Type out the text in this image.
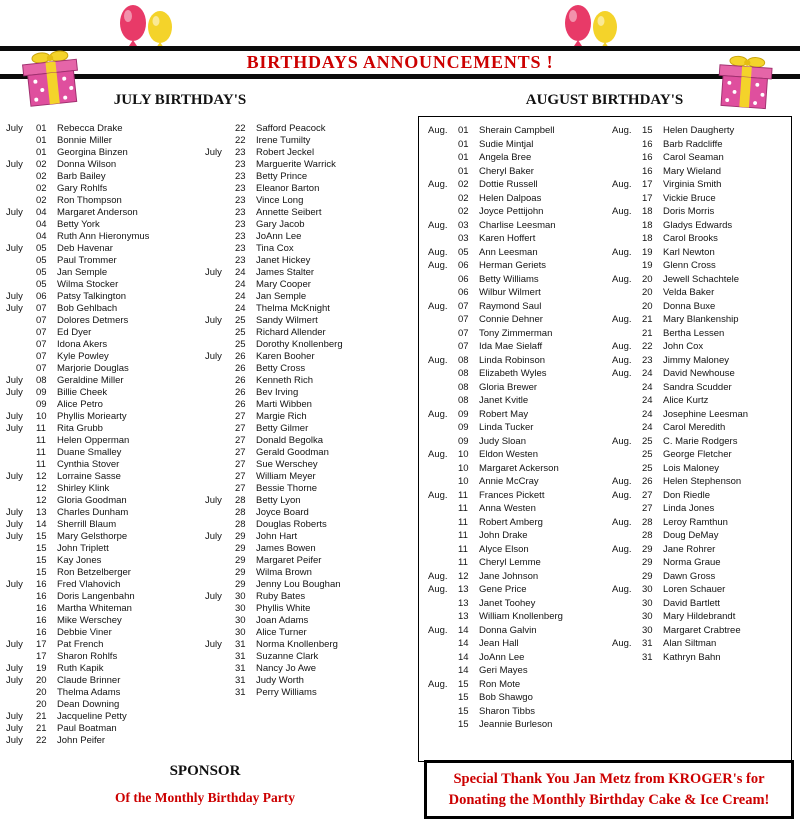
BIRTHDAYS ANNOUNCEMENTS !
JULY BIRTHDAY'S	AUGUST BIRTHDAY'S
July	01	Rebecca Drake
01	Bonnie Miller
01	Georgina Binzen
July	02	Donna Wilson
02	Barb Bailey
02	Gary Rohlfs
02	Ron Thompson
July	04	Margaret Anderson
04	Betty York
04	Ruth Ann Hieronymus
July	05	Deb Havenar
05	Paul Trommer
05	Jan Semple
05	Wilma Stocker
July	06	Patsy Talkington
July	07	Bob Gehlbach
07	Dolores Detmers
07	Ed Dyer
07	Idona Akers
07	Kyle Powley
07	Marjorie Douglas
July	08	Geraldine Miller
July	09	Billie Cheek
09	Alice Petro
July	10	Phyllis Moriearty
July	11	Rita Grubb
11	Helen Opperman
11	Duane Smalley
11	Cynthia Stover
July	12	Lorraine Sasse
12	Shirley Klink
12	Gloria Goodman
July	13	Charles Dunham
July	14	Sherrill Blaum
July	15	Mary Gelsthorpe
15	John Triplett
15	Kay Jones
15	Ron Betzelberger
July	16	Fred Vlahovich
16	Doris Langenbahn
16	Martha Whiteman
16	Mike Werschey
16	Debbie Viner
July	17	Pat French
17	Sharon Rohlfs
July	19	Ruth Kapik
July	20	Claude Brinner
20	Thelma Adams
20	Dean Downing
July	21	Jacqueline Petty
July	21	Paul Boatman
July	22	John Peifer
22	Safford Peacock
22	Irene Tumilty
July	23	Robert Jeckel
23	Marguerite Warrick
23	Betty Prince
23	Eleanor Barton
23	Vince Long
23	Annette Seibert
23	Gary Jacob
23	JoAnn Lee
23	Tina Cox
23	Janet Hickey
July	24	James Stalter
24	Mary Cooper
24	Jan Semple
24	Thelma McKnight
July	25	Sandy Wilmert
25	Richard Allender
25	Dorothy Knollenberg
July	26	Karen Booher
26	Betty Cross
26	Kenneth Rich
26	Bev Irving
26	Marti Wibben
27	Margie Rich
27	Betty Gilmer
27	Donald Begolka
27	Gerald Goodman
27	Sue Werschey
27	William Meyer
27	Bessie Thorne
July	28	Betty Lyon
28	Joyce Board
28	Douglas Roberts
July	29	John Hart
29	James Bowen
29	Margaret Peifer
29	Wilma Brown
29	Jenny Lou Boughan
July	30	Ruby Bates
30	Phyllis White
30	Joan Adams
30	Alice Turner
July	31	Norma Knollenberg
31	Suzanne Clark
31	Nancy Jo Awe
31	Judy Worth
31	Perry Williams
Aug.	01	Sherain Campbell
01	Sudie Mintjal
01	Angela Bree
01	Cheryl Baker
Aug.	02	Dottie Russell
02	Helen Dalpoas
02	Joyce Pettijohn
Aug.	03	Charlise Leesman
03	Karen Hoffert
Aug.	05	Ann Leesman
Aug.	06	Herman Geriets
06	Betty Williams
06	Wilbur Wilmert
Aug.	07	Raymond Saul
07	Connie Dehner
07	Tony Zimmerman
07	Ida Mae Sielaff
Aug.	08	Linda Robinson
08	Elizabeth Wyles
08	Gloria Brewer
08	Janet Kvitle
Aug.	09	Robert May
09	Linda Tucker
09	Judy Sloan
Aug.	10	Eldon Westen
10	Margaret Ackerson
10	Annie McCray
Aug.	11	Frances Pickett
11	Anna Westen
11	Robert Amberg
11	John Drake
11	Alyce Elson
11	Cheryl Lemme
Aug.	12	Jane Johnson
Aug.	13	Gene Price
13	Janet Toohey
13	William Knollenberg
Aug.	14	Donna Galvin
14	Jean Hall
14	JoAnn Lee
14	Geri Mayes
Aug.	15	Ron Mote
15	Bob Shawgo
15	Sharon Tibbs
15	Jeannie Burleson
Aug.	15	Helen Daugherty
16	Barb Radcliffe
16	Carol Seaman
16	Mary Wieland
Aug.	17	Virginia Smith
17	Vickie Bruce
Aug.	18	Doris Morris
18	Gladys Edwards
18	Carol Brooks
Aug.	19	Karl Newton
19	Glenn Cross
Aug.	20	Jewell Schachtele
20	Velda Baker
20	Donna Buxe
Aug.	21	Mary Blankenship
21	Bertha Lessen
Aug.	22	John Cox
Aug.	23	Jimmy Maloney
Aug.	24	David Newhouse
24	Sandra Scudder
24	Alice Kurtz
24	Josephine Leesman
24	Carol Meredith
Aug.	25	C. Marie Rodgers
25	George Fletcher
25	Lois Maloney
Aug.	26	Helen Stephenson
Aug.	27	Don Riedle
27	Linda Jones
Aug.	28	Leroy Ramthun
28	Doug DeMay
Aug.	29	Jane Rohrer
29	Norma Graue
29	Dawn Gross
Aug.	30	Loren Schauer
30	David Bartlett
30	Mary Hildebrandt
30	Margaret Crabtree
Aug.	31	Alan Siltman
31	Kathryn Bahn
SPONSOR
Of the Monthly Birthday Party
Special Thank You Jan Metz from KROGER's for
Donating the Monthly Birthday Cake & Ice Cream!
